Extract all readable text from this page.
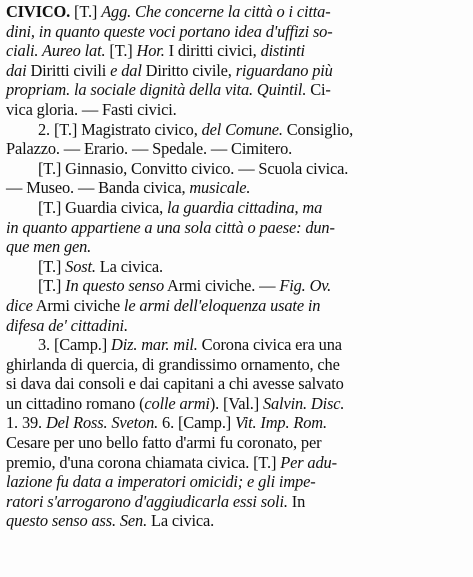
CIVICO. [T.] Agg. Che concerne la città o i citta-
dini, in quanto queste voci portano idea d'uffizi so-
ciali. Aureo lat. [T.] Hor. I diritti civici, distinti
dai Diritti civili e dal Diritto civile, riguardano più
propriam. la sociale dignità della vita. Quintil. Ci-
vica gloria. — Fasti civici.
2. [T.] Magistrato civico, del Comune. Consiglio,
Palazzo. — Erario. — Spedale. — Cimitero.
[T.] Ginnasio, Convitto civico. — Scuola civica.
— Museo. — Banda civica, musicale.
[T.] Guardia civica, la guardia cittadina, ma
in quanto appartiene a una sola città o paese: dun-
que men gen.
[T.] Sost. La civica.
[T.] In questo senso Armi civiche. — Fig. Ov.
dice Armi civiche le armi dell'eloquenza usate in
difesa de' cittadini.
3. [Camp.] Diz. mar. mil. Corona civica era una
ghirlanda di quercia, di grandissimo ornamento, che
si dava dai consoli e dai capitani a chi avesse salvato
un cittadino romano (colle armi). [Val.] Salvin. Disc.
1. 39. Del Ross. Sveton. 6. [Camp.] Vit. Imp. Rom.
Cesare per uno bello fatto d'armi fu coronato, per
premio, d'una corona chiamata civica. [T.] Per adu-
lazione fu data a imperatori omicidi; e gli impe-
ratori s'arrogarono d'aggiudicarla essi soli. In
questo senso ass. Sen. La civica.
